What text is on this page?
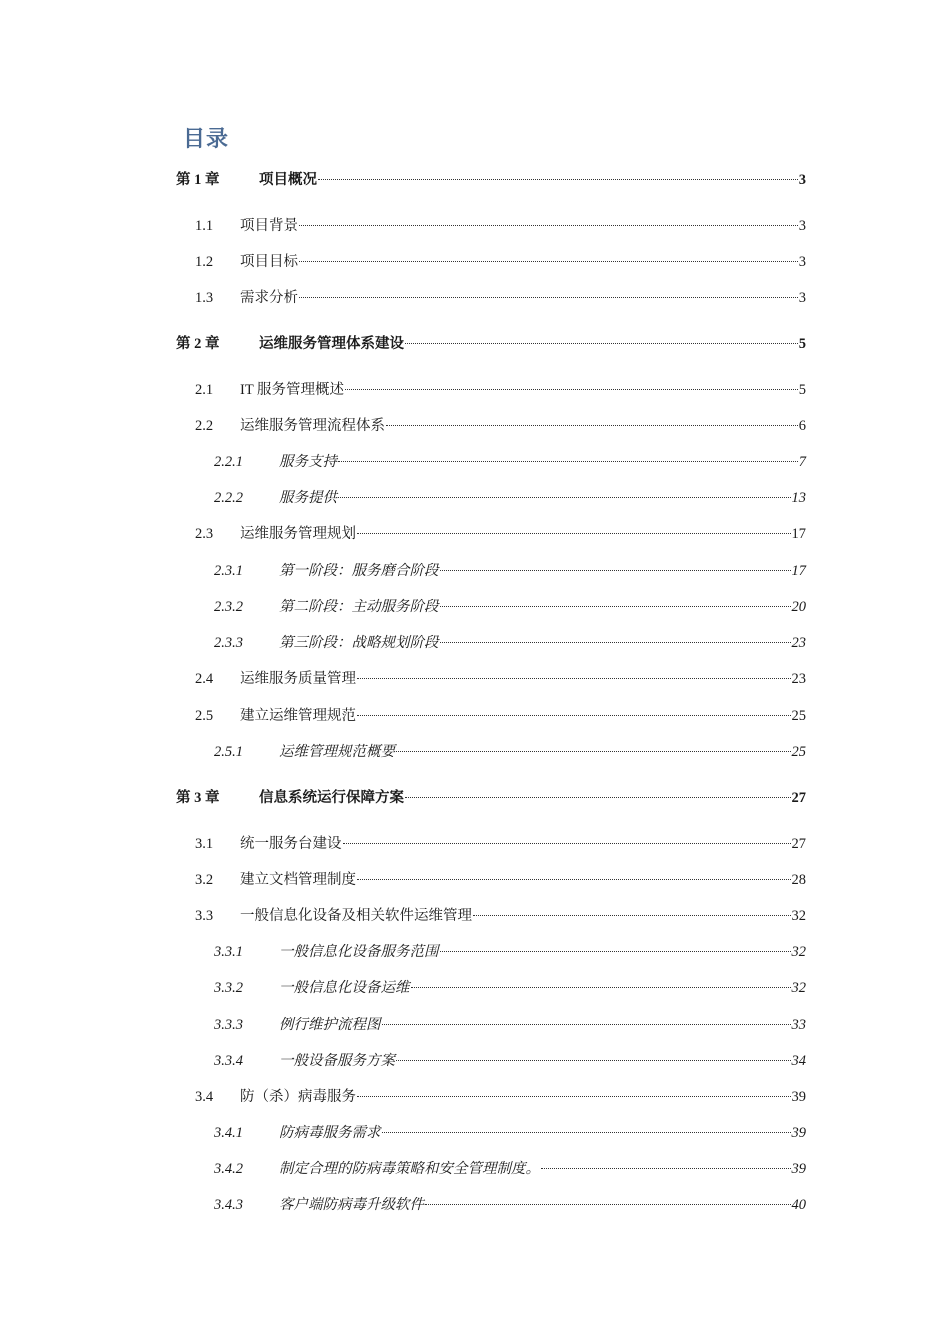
目录
第 1 章	项目概况	3
1.1	项目背景	3
1.2	项目目标	3
1.3	需求分析	3
第 2 章	运维服务管理体系建设	5
2.1	IT 服务管理概述	5
2.2	运维服务管理流程体系	6
2.2.1	服务支持	7
2.2.2	服务提供	13
2.3	运维服务管理规划	17
2.3.1	第一阶段：服务磨合阶段	17
2.3.2	第二阶段：主动服务阶段	20
2.3.3	第三阶段：战略规划阶段	23
2.4	运维服务质量管理	23
2.5	建立运维管理规范	25
2.5.1	运维管理规范概要	25
第 3 章	信息系统运行保障方案	27
3.1	统一服务台建设	27
3.2	建立文档管理制度	28
3.3	一般信息化设备及相关软件运维管理	32
3.3.1	一般信息化设备服务范围	32
3.3.2	一般信息化设备运维	32
3.3.3	例行维护流程图	33
3.3.4	一般设备服务方案	34
3.4	防（杀）病毒服务	39
3.4.1	防病毒服务需求	39
3.4.2	制定合理的防病毒策略和安全管理制度。	39
3.4.3	客户端防病毒升级软件	40
